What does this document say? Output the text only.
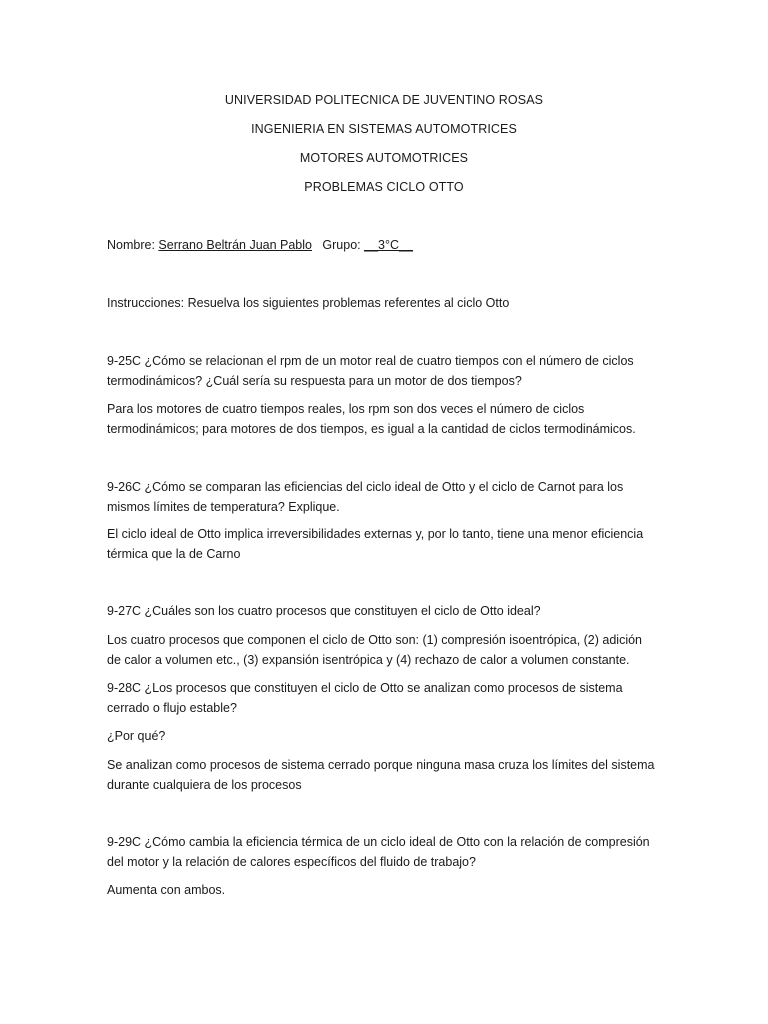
UNIVERSIDAD POLITECNICA DE JUVENTINO ROSAS
INGENIERIA EN SISTEMAS AUTOMOTRICES
MOTORES AUTOMOTRICES
PROBLEMAS CICLO OTTO
Nombre: Serrano Beltrán Juan Pablo Grupo: __3°C__
Instrucciones: Resuelva los siguientes problemas referentes al ciclo Otto
9-25C ¿Cómo se relacionan el rpm de un motor real de cuatro tiempos con el número de ciclos
termodinámicos? ¿Cuál sería su respuesta para un motor de dos tiempos?
Para los motores de cuatro tiempos reales, los rpm son dos veces el número de ciclos
termodinámicos; para motores de dos tiempos, es igual a la cantidad de ciclos termodinámicos.
9-26C ¿Cómo se comparan las eficiencias del ciclo ideal de Otto y el ciclo de Carnot para los
mismos límites de temperatura? Explique.
El ciclo ideal de Otto implica irreversibilidades externas y, por lo tanto, tiene una menor eficiencia
térmica que la de Carno
9-27C ¿Cuáles son los cuatro procesos que constituyen el ciclo de Otto ideal?
Los cuatro procesos que componen el ciclo de Otto son: (1) compresión isoentrópica, (2) adición
de calor a volumen etc., (3) expansión isentrópica y (4) rechazo de calor a volumen constante.
9-28C ¿Los procesos que constituyen el ciclo de Otto se analizan como procesos de sistema
cerrado o flujo estable?
¿Por qué?
Se analizan como procesos de sistema cerrado porque ninguna masa cruza los límites del sistema
durante cualquiera de los procesos
9-29C ¿Cómo cambia la eficiencia térmica de un ciclo ideal de Otto con la relación de compresión
del motor y la relación de calores específicos del fluido de trabajo?
Aumenta con ambos.
